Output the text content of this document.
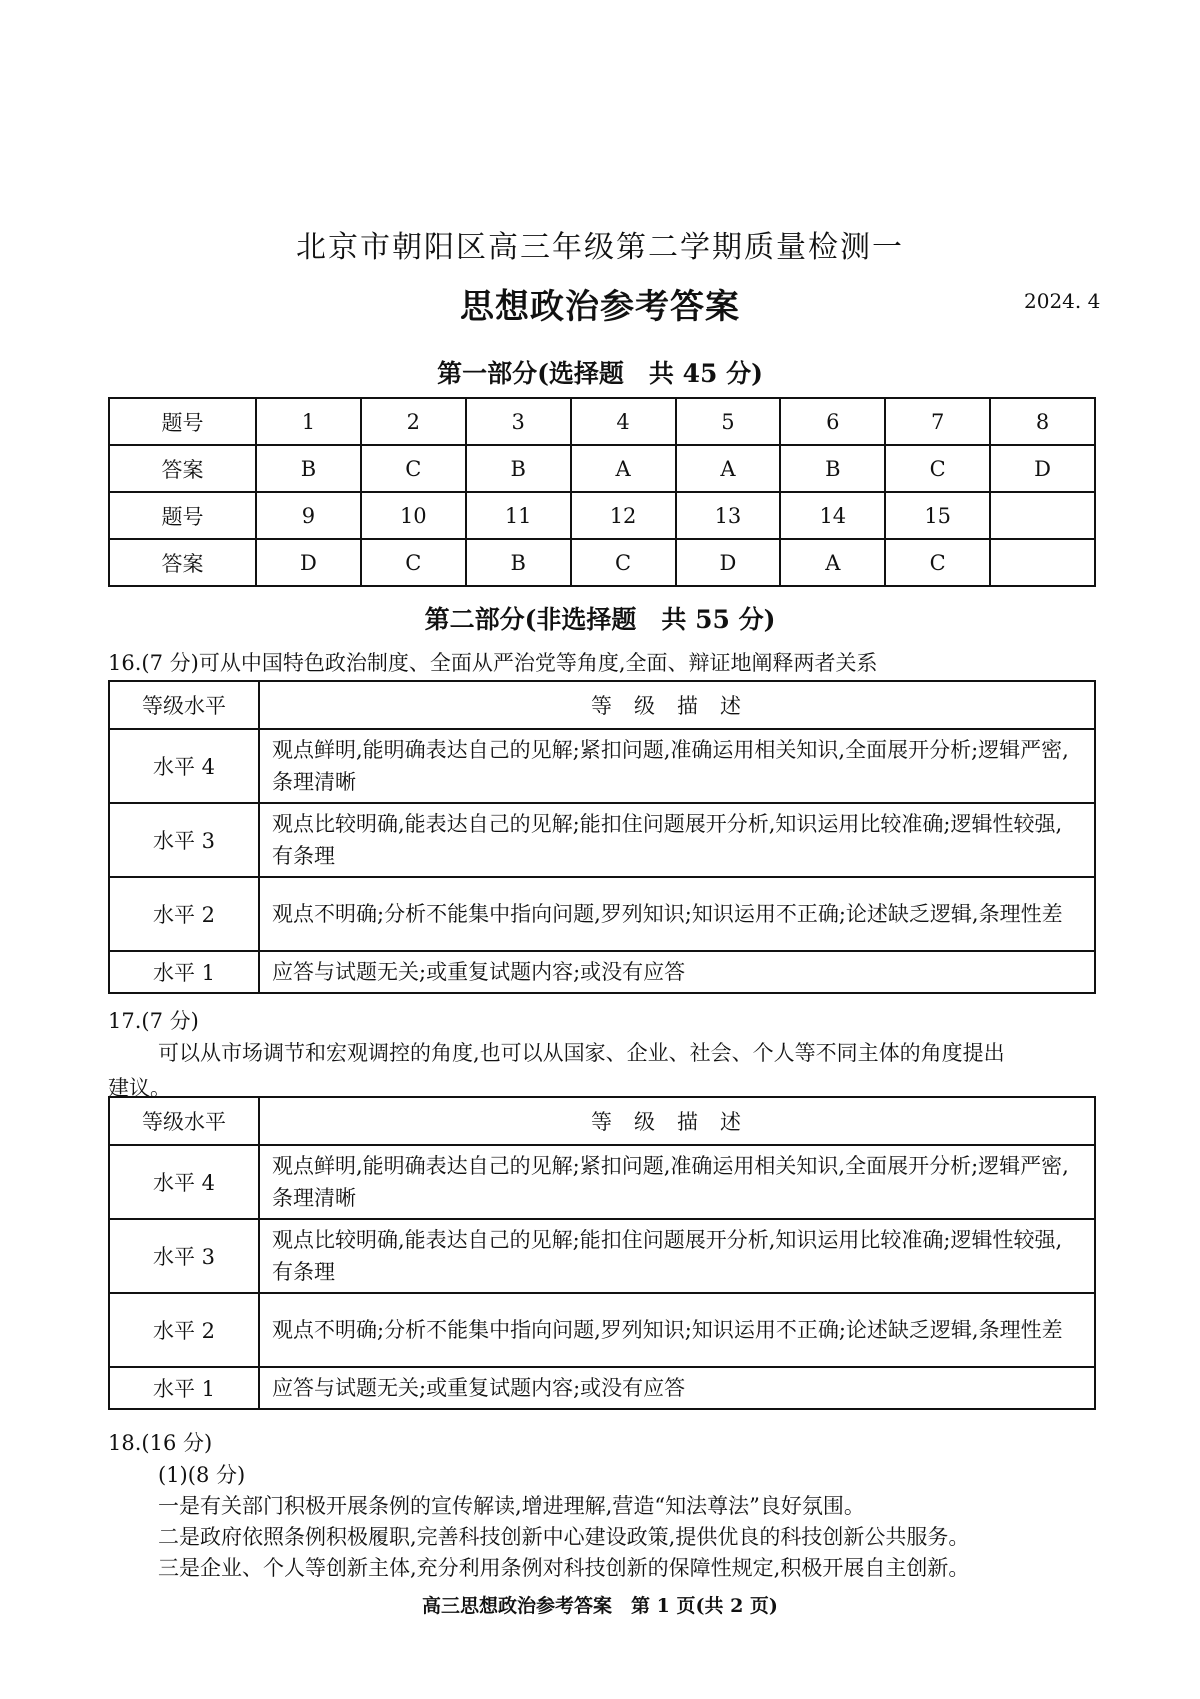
北京市朝阳区高三年级第二学期质量检测一
思想政治参考答案	2024. 4
第一部分(选择题　共 45 分)
题号	1	2	3	4	5	6	7	8
答案	B	C	B	A	A	B	C	D
题号	9	10	11	12	13	14	15	
答案	D	C	B	C	D	A	C	
第二部分(非选择题　共 55 分)
16.(7 分)可从中国特色政治制度、全面从严治党等角度,全面、辩证地阐释两者关系
等级水平	等级描述
水平 4	观点鲜明,能明确表达自己的见解;紧扣问题,准确运用相关知识,全面展开分析;逻辑严密,条理清晰
水平 3	观点比较明确,能表达自己的见解;能扣住问题展开分析,知识运用比较准确;逻辑性较强,有条理
水平 2	观点不明确;分析不能集中指向问题,罗列知识;知识运用不正确;论述缺乏逻辑,条理性差
水平 1	应答与试题无关;或重复试题内容;或没有应答
17.(7 分)
可以从市场调节和宏观调控的角度,也可以从国家、企业、社会、个人等不同主体的角度提出
建议。
等级水平	等级描述
水平 4	观点鲜明,能明确表达自己的见解;紧扣问题,准确运用相关知识,全面展开分析;逻辑严密,条理清晰
水平 3	观点比较明确,能表达自己的见解;能扣住问题展开分析,知识运用比较准确;逻辑性较强,有条理
水平 2	观点不明确;分析不能集中指向问题,罗列知识;知识运用不正确;论述缺乏逻辑,条理性差
水平 1	应答与试题无关;或重复试题内容;或没有应答
18.(16 分)
(1)(8 分)
一是有关部门积极开展条例的宣传解读,增进理解,营造“知法尊法”良好氛围。
二是政府依照条例积极履职,完善科技创新中心建设政策,提供优良的科技创新公共服务。
三是企业、个人等创新主体,充分利用条例对科技创新的保障性规定,积极开展自主创新。
高三思想政治参考答案　第 1 页(共 2 页)
